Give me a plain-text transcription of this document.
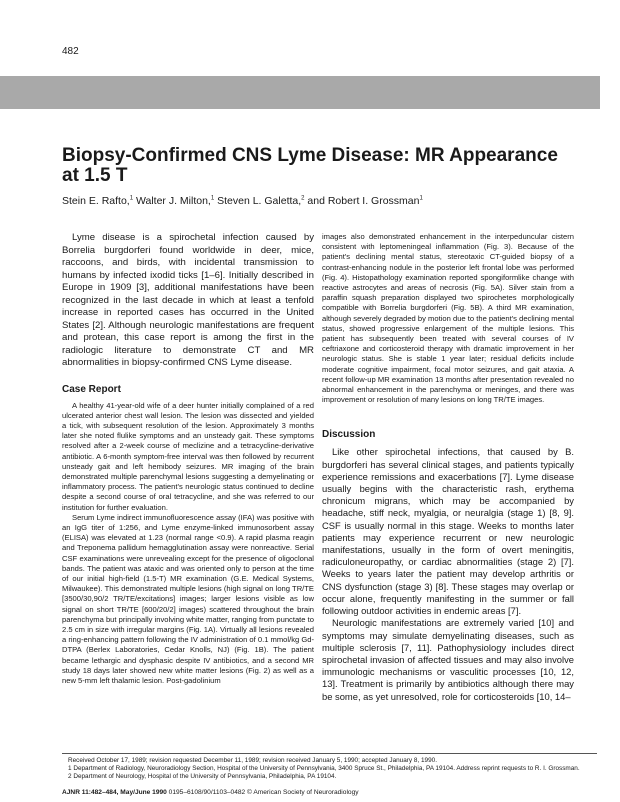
482
Biopsy-Confirmed CNS Lyme Disease: MR Appearance at 1.5 T
Stein E. Rafto,$^1$ Walter J. Milton,$^1$ Steven L. Galetta,$^2$ and Robert I. Grossman$^1$

Lyme disease is a spirochetal infection caused by Borrelia burgdorferi found worldwide in deer, mice, raccoons, and birds, with incidental transmission to humans by infected ixodid ticks [1–6]. Initially described in Europe in 1909 [3], additional manifestations have been recognized in the last decade in which at least a tenfold increase in reported cases has occurred in the United States [2]. Although neurologic manifestations are frequent and protean, this case report is among the first in the radiologic literature to demonstrate CT and MR abnormalities in biopsy-confirmed CNS Lyme disease.

Case Report

A healthy 41-year-old wife of a deer hunter initially complained of a red ulcerated anterior chest wall lesion. The lesion was dissected and yielded a tick, with subsequent resolution of the lesion. Approximately 3 months later she noted flulike symptoms and an unsteady gait. These symptoms resolved after a 2-week course of meclizine and a tetracycline-derivative antibiotic. A 6-month symptom-free interval was then followed by recurrent unsteady gait and left hemibody seizures. MR imaging of the brain demonstrated multiple parenchymal lesions suggesting a demyelinating or inflammatory process. The patient's neurologic status continued to decline despite a second course of oral tetracycline, and she was referred to our institution for further evaluation.

Serum Lyme indirect immunofluorescence assay (IFA) was positive with an IgG titer of 1:256, and Lyme enzyme-linked immunosorbent assay (ELISA) was elevated at 1.23 (normal range <0.9). A rapid plasma reagin and Treponema pallidum hemagglutination assay were nonreactive. Serial CSF examinations were unrevealing except for the presence of oligoclonal bands. The patient was ataxic and was oriented only to person at the time of our initial high-field (1.5-T) MR examination (G.E. Medical Systems, Milwaukee). This demonstrated multiple lesions (high signal on long TR/TE [3500/30,90/2 TR/TE/excitations] images; larger lesions visible as low signal on short TR/TE [600/20/2] images) scattered throughout the brain parenchyma but principally involving white matter, ranging from punctate to 2.5 cm in size with irregular margins (Fig. 1A). Virtually all lesions revealed a ring-enhancing pattern following the IV administration of 0.1 mmol/kg Gd-DTPA (Berlex Laboratories, Cedar Knolls, NJ) (Fig. 1B). The patient became lethargic and dysphasic despite IV antibiotics, and a second MR study 18 days later showed new white matter lesions (Fig. 2) as well as a new 5-mm left thalamic lesion. Post-gadolinium

images also demonstrated enhancement in the interpeduncular cistern consistent with leptomeningeal inflammation (Fig. 3). Because of the patient's declining mental status, stereotaxic CT-guided biopsy of a contrast-enhancing nodule in the posterior left frontal lobe was performed (Fig. 4). Histopathology examination reported spongiformlike change with reactive astrocytes and areas of necrosis (Fig. 5A). Silver stain from a paraffin squash preparation displayed two spirochetes morphologically compatible with Borrelia burgdorferi (Fig. 5B). A third MR examination, although severely degraded by motion due to the patient's declining mental status, showed progressive enlargement of the multiple lesions. This patient has subsequently been treated with several courses of IV ceftriaxone and corticosteroid therapy with dramatic improvement in her neurologic status. She is stable 1 year later; residual deficits include moderate cognitive impairment, focal motor seizures, and gait ataxia. A recent follow-up MR examination 13 months after presentation revealed no abnormal enhancement in the parenchyma or meninges, and there was improvement or resolution of many lesions on long TR/TE images.

Discussion

Like other spirochetal infections, that caused by B. burgdorferi has several clinical stages, and patients typically experience remissions and exacerbations [7]. Lyme disease usually begins with the characteristic rash, erythema chronicum migrans, which may be accompanied by headache, stiff neck, myalgia, or neuralgia (stage 1) [8, 9]. CSF is usually normal in this stage. Weeks to months later patients may experience recurrent or new neurologic manifestations, usually in the form of overt meningitis, radiculoneuropathy, or cardiac abnormalities (stage 2) [7]. Weeks to years later the patient may develop arthritis or CNS dysfunction (stage 3) [8]. These stages may overlap or occur alone, frequently manifesting in the summer or fall following outdoor activities in endemic areas [7].

Neurologic manifestations are extremely varied [10] and symptoms may simulate demyelinating diseases, such as multiple sclerosis [7, 11]. Pathophysiology includes direct spirochetal invasion of affected tissues and may also involve immunologic mechanisms or vasculitic processes [10, 12, 13]. Treatment is primarily by antibiotics although there may be some, as yet unresolved, role for corticosteroids [10, 14–

Received October 17, 1989; revision requested December 11, 1989; revision received January 5, 1990; accepted January 8, 1990.

1 Department of Radiology, Neuroradiology Section, Hospital of the University of Pennsylvania, 3400 Spruce St., Philadelphia, PA 19104. Address reprint requests to R. I. Grossman.

2 Department of Neurology, Hospital of the University of Pennsylvania, Philadelphia, PA 19104.

AJNR 11:482–484, May/June 1990 0195–6108/90/1103–0482 © American Society of Neuroradiology
